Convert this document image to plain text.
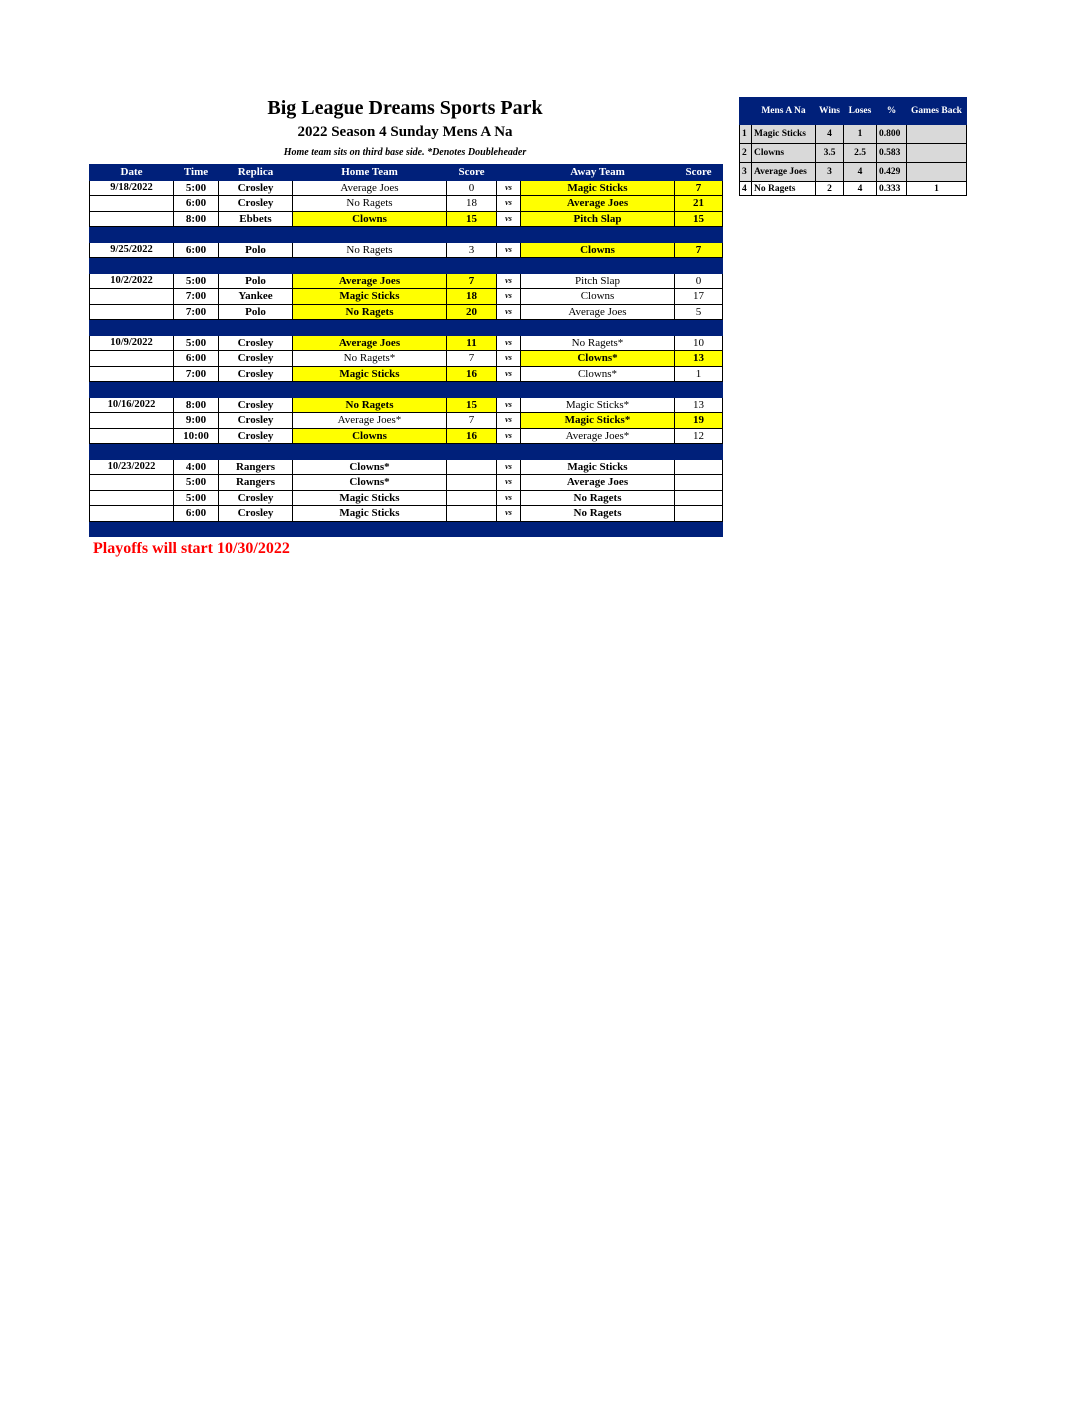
Big League Dreams Sports Park
2022 Season 4 Sunday Mens A Na
Home team sits on third base side. *Denotes Doubleheader
Date	Time	Replica	Home Team	Score		Away Team	Score
9/18/2022	5:00	Crosley	Average Joes	0	vs	Magic Sticks	7
	6:00	Crosley	No Ragets	18	vs	Average Joes	21
	8:00	Ebbets	Clowns	15	vs	Pitch Slap	15

9/25/2022	6:00	Polo	No Ragets	3	vs	Clowns	7

10/2/2022	5:00	Polo	Average Joes	7	vs	Pitch Slap	0
	7:00	Yankee	Magic Sticks	18	vs	Clowns	17
	7:00	Polo	No Ragets	20	vs	Average Joes	5

10/9/2022	5:00	Crosley	Average Joes	11	vs	No Ragets*	10
	6:00	Crosley	No Ragets*	7	vs	Clowns*	13
	7:00	Crosley	Magic Sticks	16	vs	Clowns*	1

10/16/2022	8:00	Crosley	No Ragets	15	vs	Magic Sticks*	13
	9:00	Crosley	Average Joes*	7	vs	Magic Sticks*	19
	10:00	Crosley	Clowns	16	vs	Average Joes*	12

10/23/2022	4:00	Rangers	Clowns*		vs	Magic Sticks	
	5:00	Rangers	Clowns*		vs	Average Joes	
	5:00	Crosley	Magic Sticks		vs	No Ragets	
	6:00	Crosley	Magic Sticks		vs	No Ragets	

Playoffs will start 10/30/2022
	Mens A Na	Wins	Loses	%	Games Back
1	Magic Sticks	4	1	0.800	
2	Clowns	3.5	2.5	0.583	
3	Average Joes	3	4	0.429	
4	No Ragets	2	4	0.333	1
